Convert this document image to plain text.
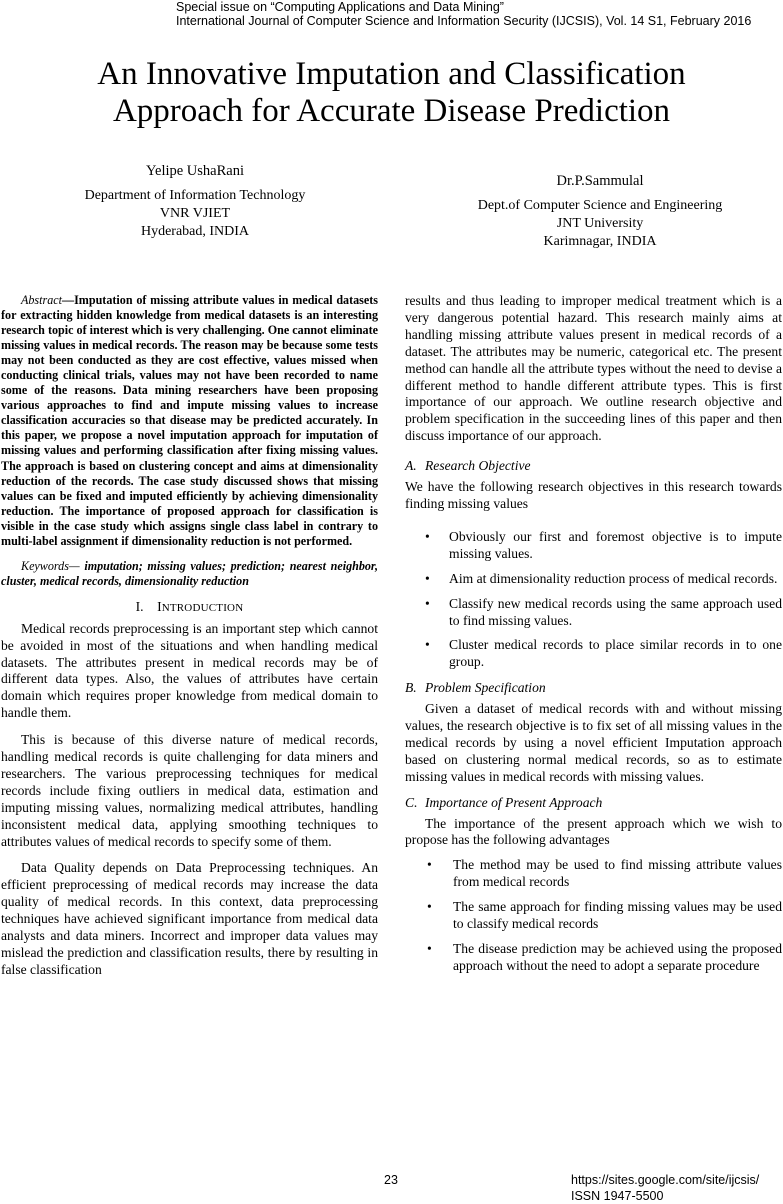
Special issue on “Computing Applications and Data Mining”
International Journal of Computer Science and Information Security (IJCSIS), Vol. 14 S1, February 2016
An Innovative Imputation and Classification
Approach for Accurate Disease Prediction
Yelipe UshaRani
Department of Information Technology
VNR VJIET
Hyderabad, INDIA
Dr.P.Sammulal
Dept.of Computer Science and Engineering
JNT University
Karimnagar, INDIA

Abstract—Imputation of missing attribute values in medical datasets for extracting hidden knowledge from medical datasets is an interesting research topic of interest which is very challenging. One cannot eliminate missing values in medical records. The reason may be because some tests may not been conducted as they are cost effective, values missed when conducting clinical trials, values may not have been recorded to name some of the reasons. Data mining researchers have been proposing various approaches to find and impute missing values to increase classification accuracies so that disease may be predicted accurately. In this paper, we propose a novel imputation approach for imputation of missing values and performing classification after fixing missing values. The approach is based on clustering concept and aims at dimensionality reduction of the records. The case study discussed shows that missing values can be fixed and imputed efficiently by achieving dimensionality reduction. The importance of proposed approach for classification is visible in the case study which assigns single class label in contrary to multi-label assignment if dimensionality reduction is not performed.

Keywords— imputation; missing values; prediction; nearest neighbor, cluster, medical records, dimensionality reduction

I. INTRODUCTION

Medical records preprocessing is an important step which cannot be avoided in most of the situations and when handling medical datasets. The attributes present in medical records may be of different data types. Also, the values of attributes have certain domain which requires proper knowledge from medical domain to handle them.

This is because of this diverse nature of medical records, handling medical records is quite challenging for data miners and researchers. The various preprocessing techniques for medical records include fixing outliers in medical data, estimation and imputing missing values, normalizing medical attributes, handling inconsistent medical data, applying smoothing techniques to attributes values of medical records to specify some of them.

Data Quality depends on Data Preprocessing techniques. An efficient preprocessing of medical records may increase the data quality of medical records. In this context, data preprocessing techniques have achieved significant importance from medical data analysts and data miners. Incorrect and improper data values may mislead the prediction and classification results, there by resulting in false classification

results and thus leading to improper medical treatment which is a very dangerous potential hazard. This research mainly aims at handling missing attribute values present in medical records of a dataset. The attributes may be numeric, categorical etc. The present method can handle all the attribute types without the need to devise a different method to handle different attribute types. This is first importance of our approach. We outline research objective and problem specification in the succeeding lines of this paper and then discuss importance of our approach.

A. Research Objective

We have the following research objectives in this research towards finding missing values

• Obviously our first and foremost objective is to impute missing values.
• Aim at dimensionality reduction process of medical records.
• Classify new medical records using the same approach used to find missing values.
• Cluster medical records to place similar records in to one group.

B. Problem Specification

Given a dataset of medical records with and without missing values, the research objective is to fix set of all missing values in the medical records by using a novel efficient Imputation approach based on clustering normal medical records, so as to estimate missing values in medical records with missing values.

C. Importance of Present Approach

The importance of the present approach which we wish to propose has the following advantages

• The method may be used to find missing attribute values from medical records
• The same approach for finding missing values may be used to classify medical records
• The disease prediction may be achieved using the proposed approach without the need to adopt a separate procedure
23	https://sites.google.com/site/ijcsis/
ISSN 1947-5500
